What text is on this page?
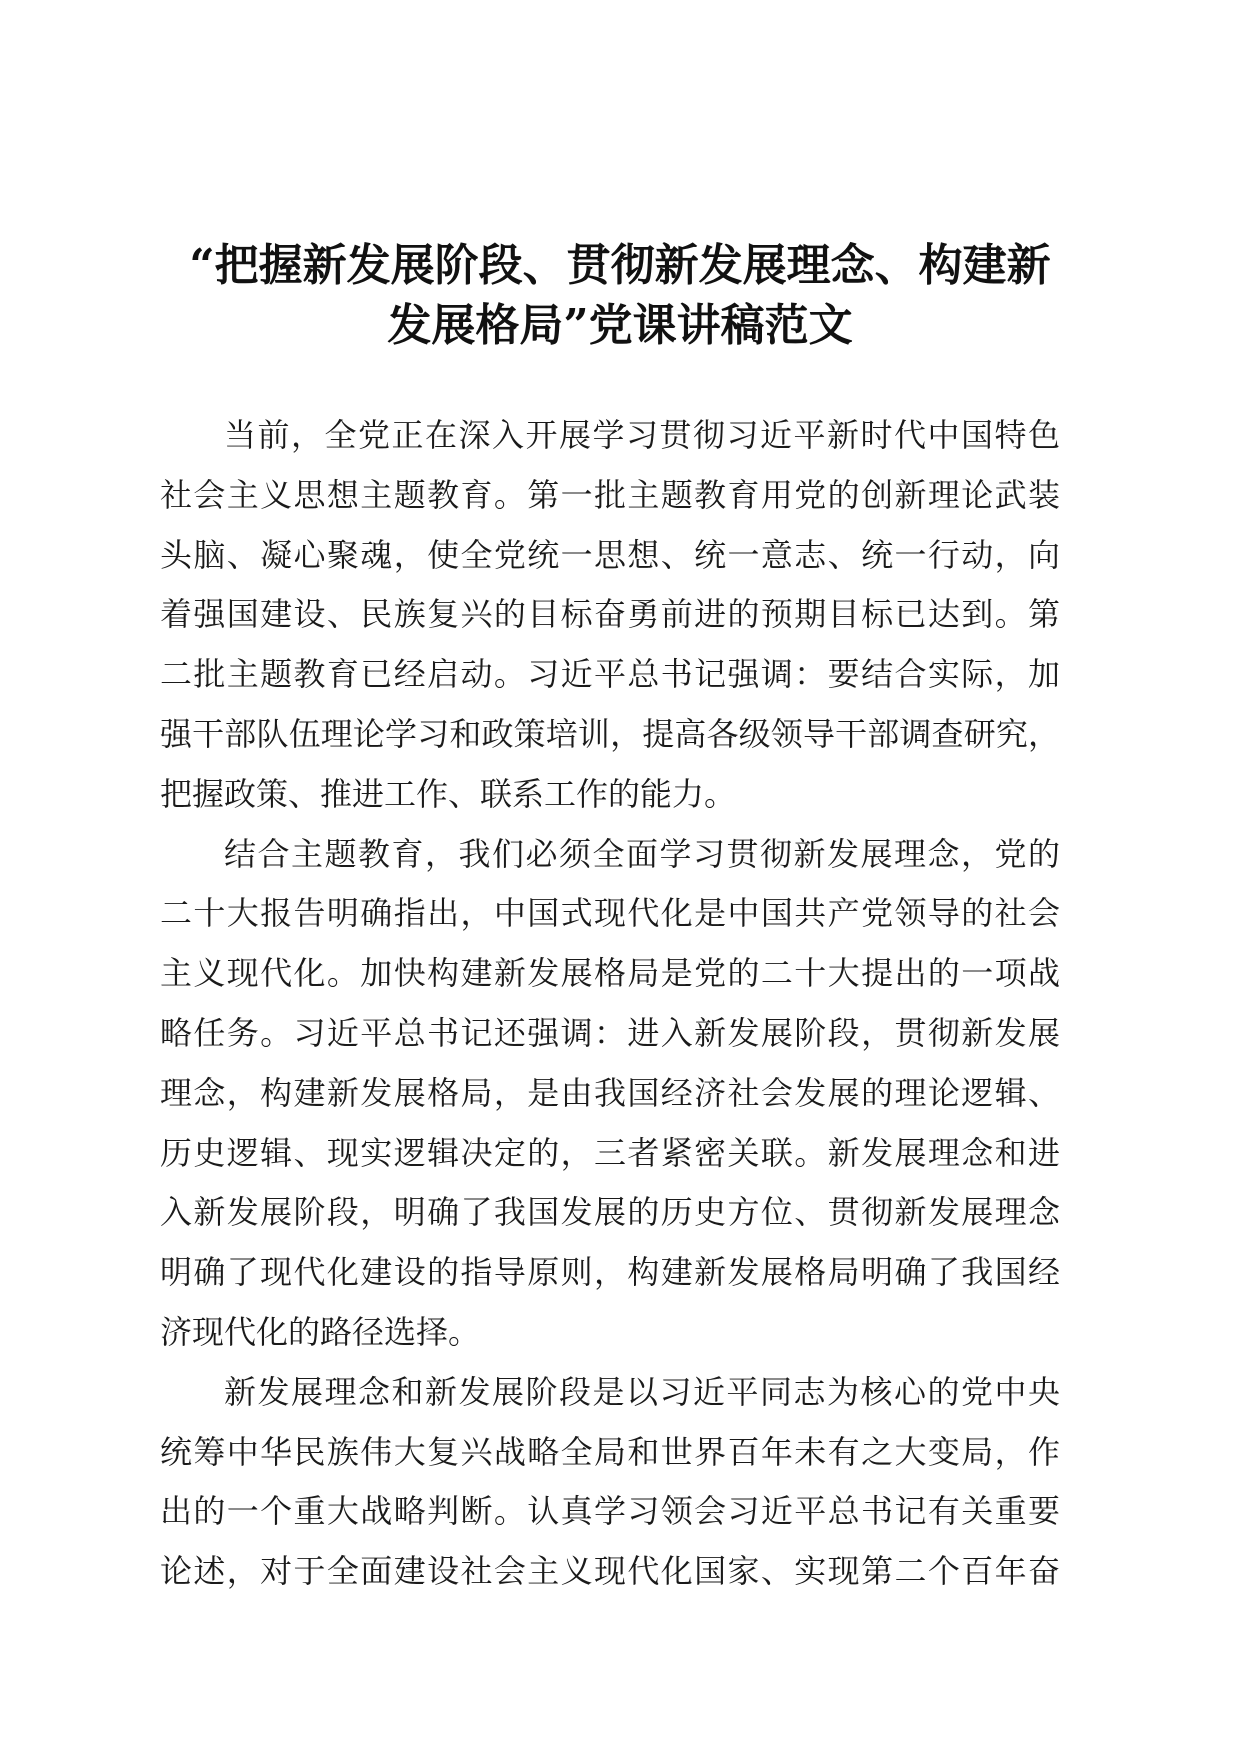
“把握新发展阶段、贯彻新发展理念、构建新
发展格局”党课讲稿范文
当前，全党正在深入开展学习贯彻习近平新时代中国特色
社会主义思想主题教育。第一批主题教育用党的创新理论武装
头脑、凝心聚魂，使全党统一思想、统一意志、统一行动，向
着强国建设、民族复兴的目标奋勇前进的预期目标已达到。第
二批主题教育已经启动。习近平总书记强调：要结合实际，加
强干部队伍理论学习和政策培训，提高各级领导干部调查研究，
把握政策、推进工作、联系工作的能力。
结合主题教育，我们必须全面学习贯彻新发展理念，党的
二十大报告明确指出，中国式现代化是中国共产党领导的社会
主义现代化。加快构建新发展格局是党的二十大提出的一项战
略任务。习近平总书记还强调：进入新发展阶段，贯彻新发展
理念，构建新发展格局，是由我国经济社会发展的理论逻辑、
历史逻辑、现实逻辑决定的，三者紧密关联。新发展理念和进
入新发展阶段，明确了我国发展的历史方位、贯彻新发展理念
明确了现代化建设的指导原则，构建新发展格局明确了我国经
济现代化的路径选择。
新发展理念和新发展阶段是以习近平同志为核心的党中央
统筹中华民族伟大复兴战略全局和世界百年未有之大变局，作
出的一个重大战略判断。认真学习领会习近平总书记有关重要
论述，对于全面建设社会主义现代化国家、实现第二个百年奋
